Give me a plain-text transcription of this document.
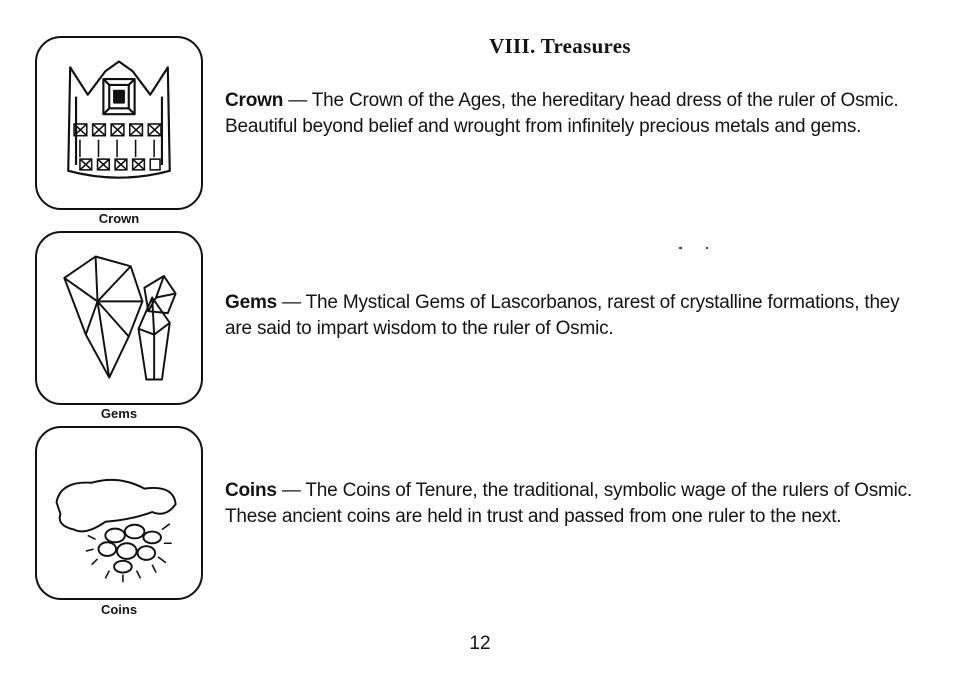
VIII. Treasures
Crown
Crown — The Crown of the Ages, the hereditary head dress of the ruler of Osmic. Beautiful beyond belief and wrought from infinitely precious metals and gems.
Gems
Gems — The Mystical Gems of Lascorbanos, rarest of crystalline formations, they are said to impart wisdom to the ruler of Osmic.
Coins
Coins — The Coins of Tenure, the traditional, symbolic wage of the rulers of Osmic. These ancient coins are held in trust and passed from one ruler to the next.
12
